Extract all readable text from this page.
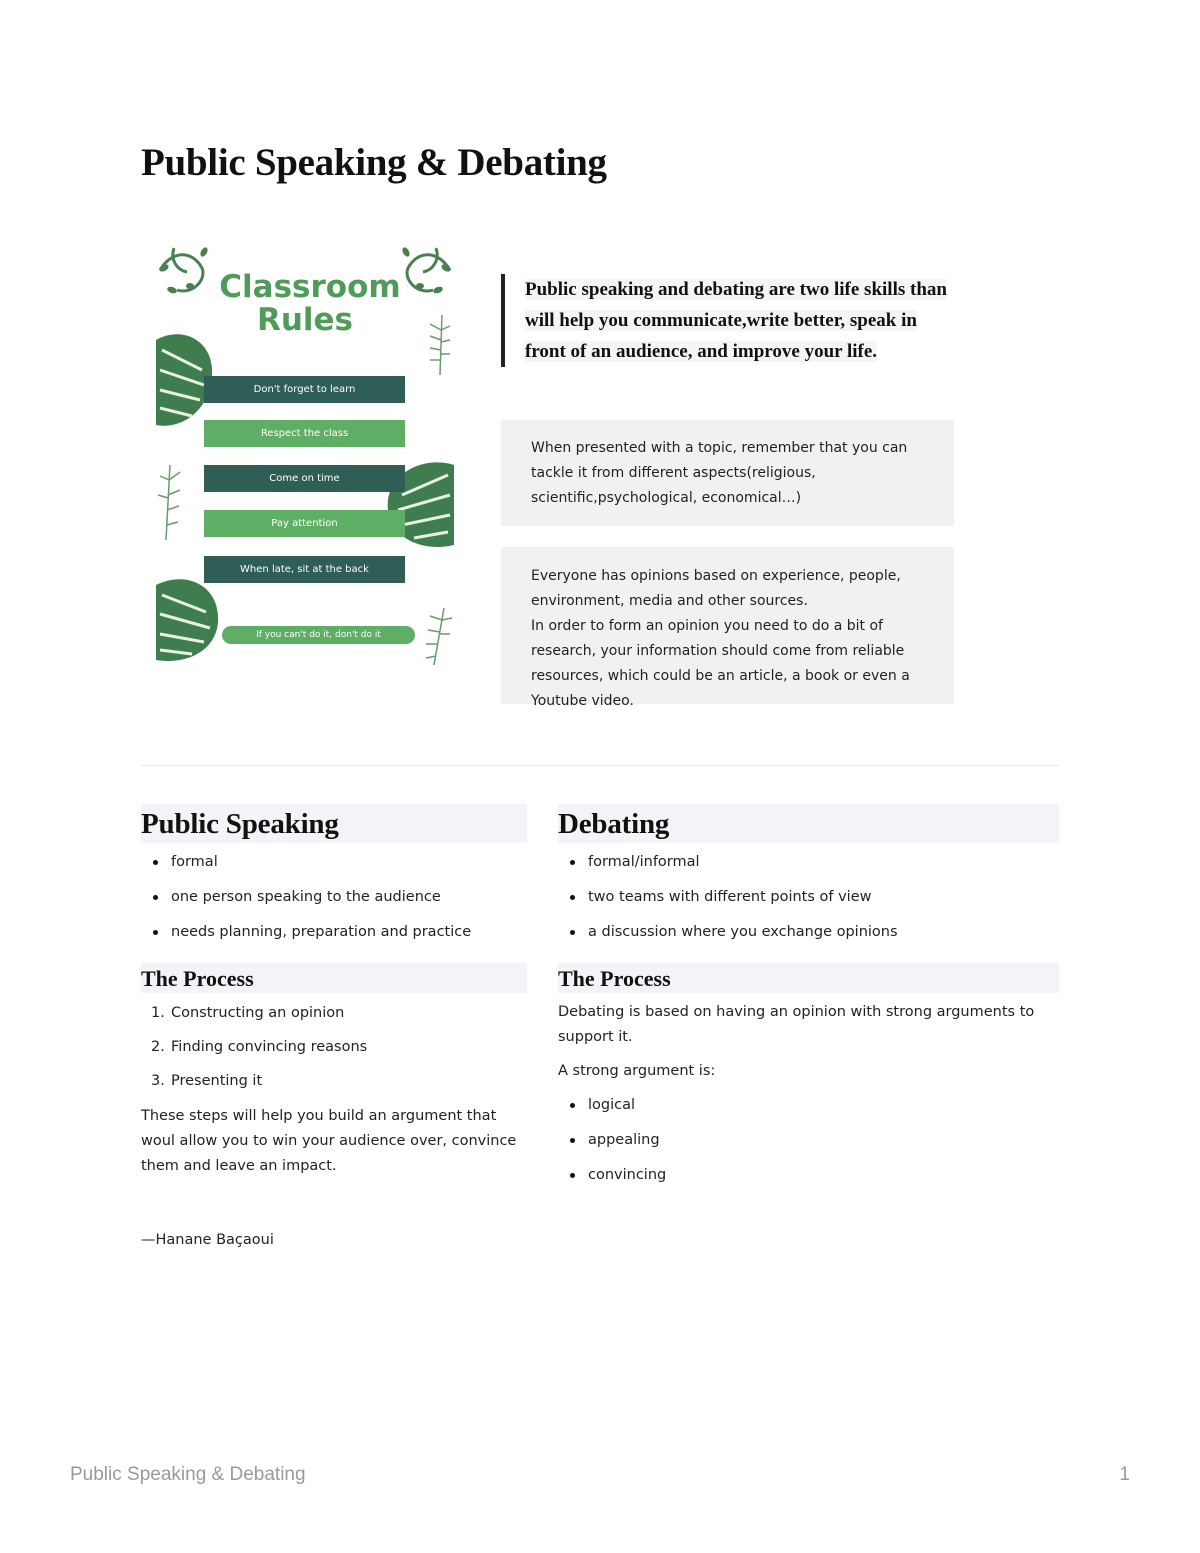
Public Speaking & Debating
Classroom
Rules
Don't forget to learn
Respect the class
Come on time
Pay attention
When late, sit at the back
If you can't do it, don't do it

Public speaking and debating are two life skills than will help you communicate,write better, speak in front of an audience, and improve your life.

When presented with a topic, remember that you can tackle it from different aspects(religious, scientific,psychological, economical…)

Everyone has opinions based on experience, people, environment, media and other sources.

In order to form an opinion you need to do a bit of research, your information should come from reliable resources, which could be an article, a book or even a Youtube video.

Public Speaking
formal
one person speaking to the audience
needs planning, preparation and practice
The Process
1. Constructing an opinion
2. Finding convincing reasons
3. Presenting it

These steps will help you build an argument that woul allow you to win your audience over, convince them and leave an impact.

—Hanane Baçaoui

Debating
formal/informal
two teams with different points of view
a discussion where you exchange opinions
The Process

Debating is based on having an opinion with strong arguments to support it.

A strong argument is:

logical
appealing
convincing
Public Speaking & Debating	1
